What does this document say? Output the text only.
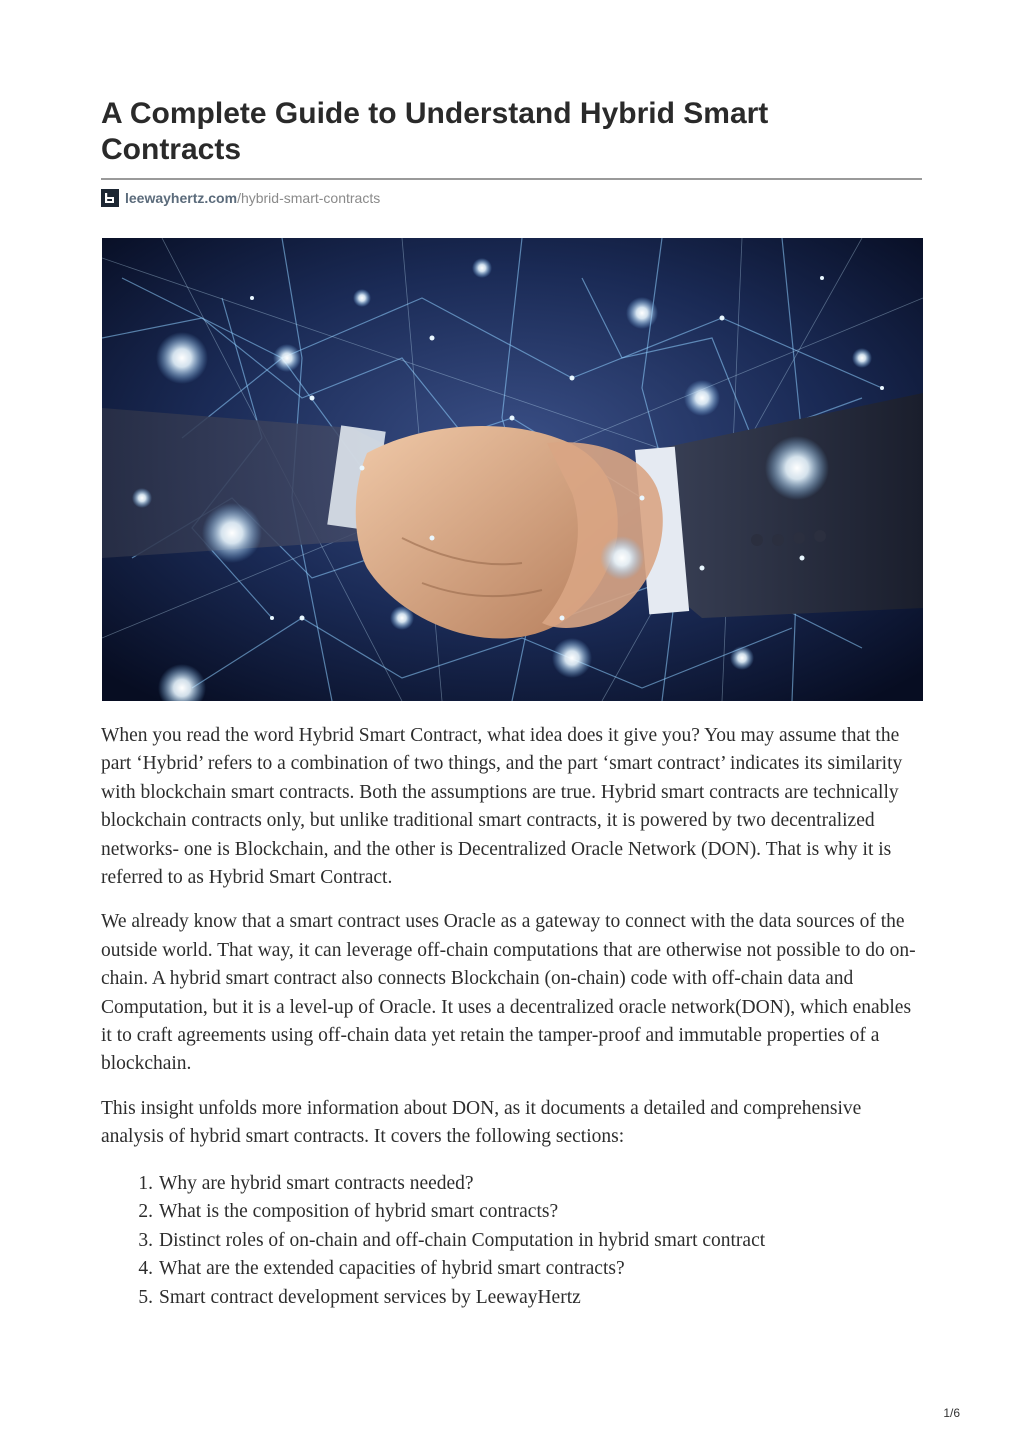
A Complete Guide to Understand Hybrid Smart Contracts
leewayhertz.com /hybrid-smart-contracts

When you read the word Hybrid Smart Contract, what idea does it give you? You may assume that the part ‘Hybrid’ refers to a combination of two things, and the part ‘smart contract’ indicates its similarity with blockchain smart contracts. Both the assumptions are true. Hybrid smart contracts are technically blockchain contracts only, but unlike traditional smart contracts, it is powered by two decentralized networks- one is Blockchain, and the other is Decentralized Oracle Network (DON). That is why it is referred to as Hybrid Smart Contract.

We already know that a smart contract uses Oracle as a gateway to connect with the data sources of the outside world. That way, it can leverage off-chain computations that are otherwise not possible to do on-chain. A hybrid smart contract also connects Blockchain (on-chain) code with off-chain data and Computation, but it is a level-up of Oracle. It uses a decentralized oracle network(DON), which enables it to craft agreements using off-chain data yet retain the tamper-proof and immutable properties of a blockchain.

This insight unfolds more information about DON, as it documents a detailed and comprehensive analysis of hybrid smart contracts. It covers the following sections:

1. Why are hybrid smart contracts needed?
2. What is the composition of hybrid smart contracts?
3. Distinct roles of on-chain and off-chain Computation in hybrid smart contract
4. What are the extended capacities of hybrid smart contracts?
5. Smart contract development services by LeewayHertz
1/6
